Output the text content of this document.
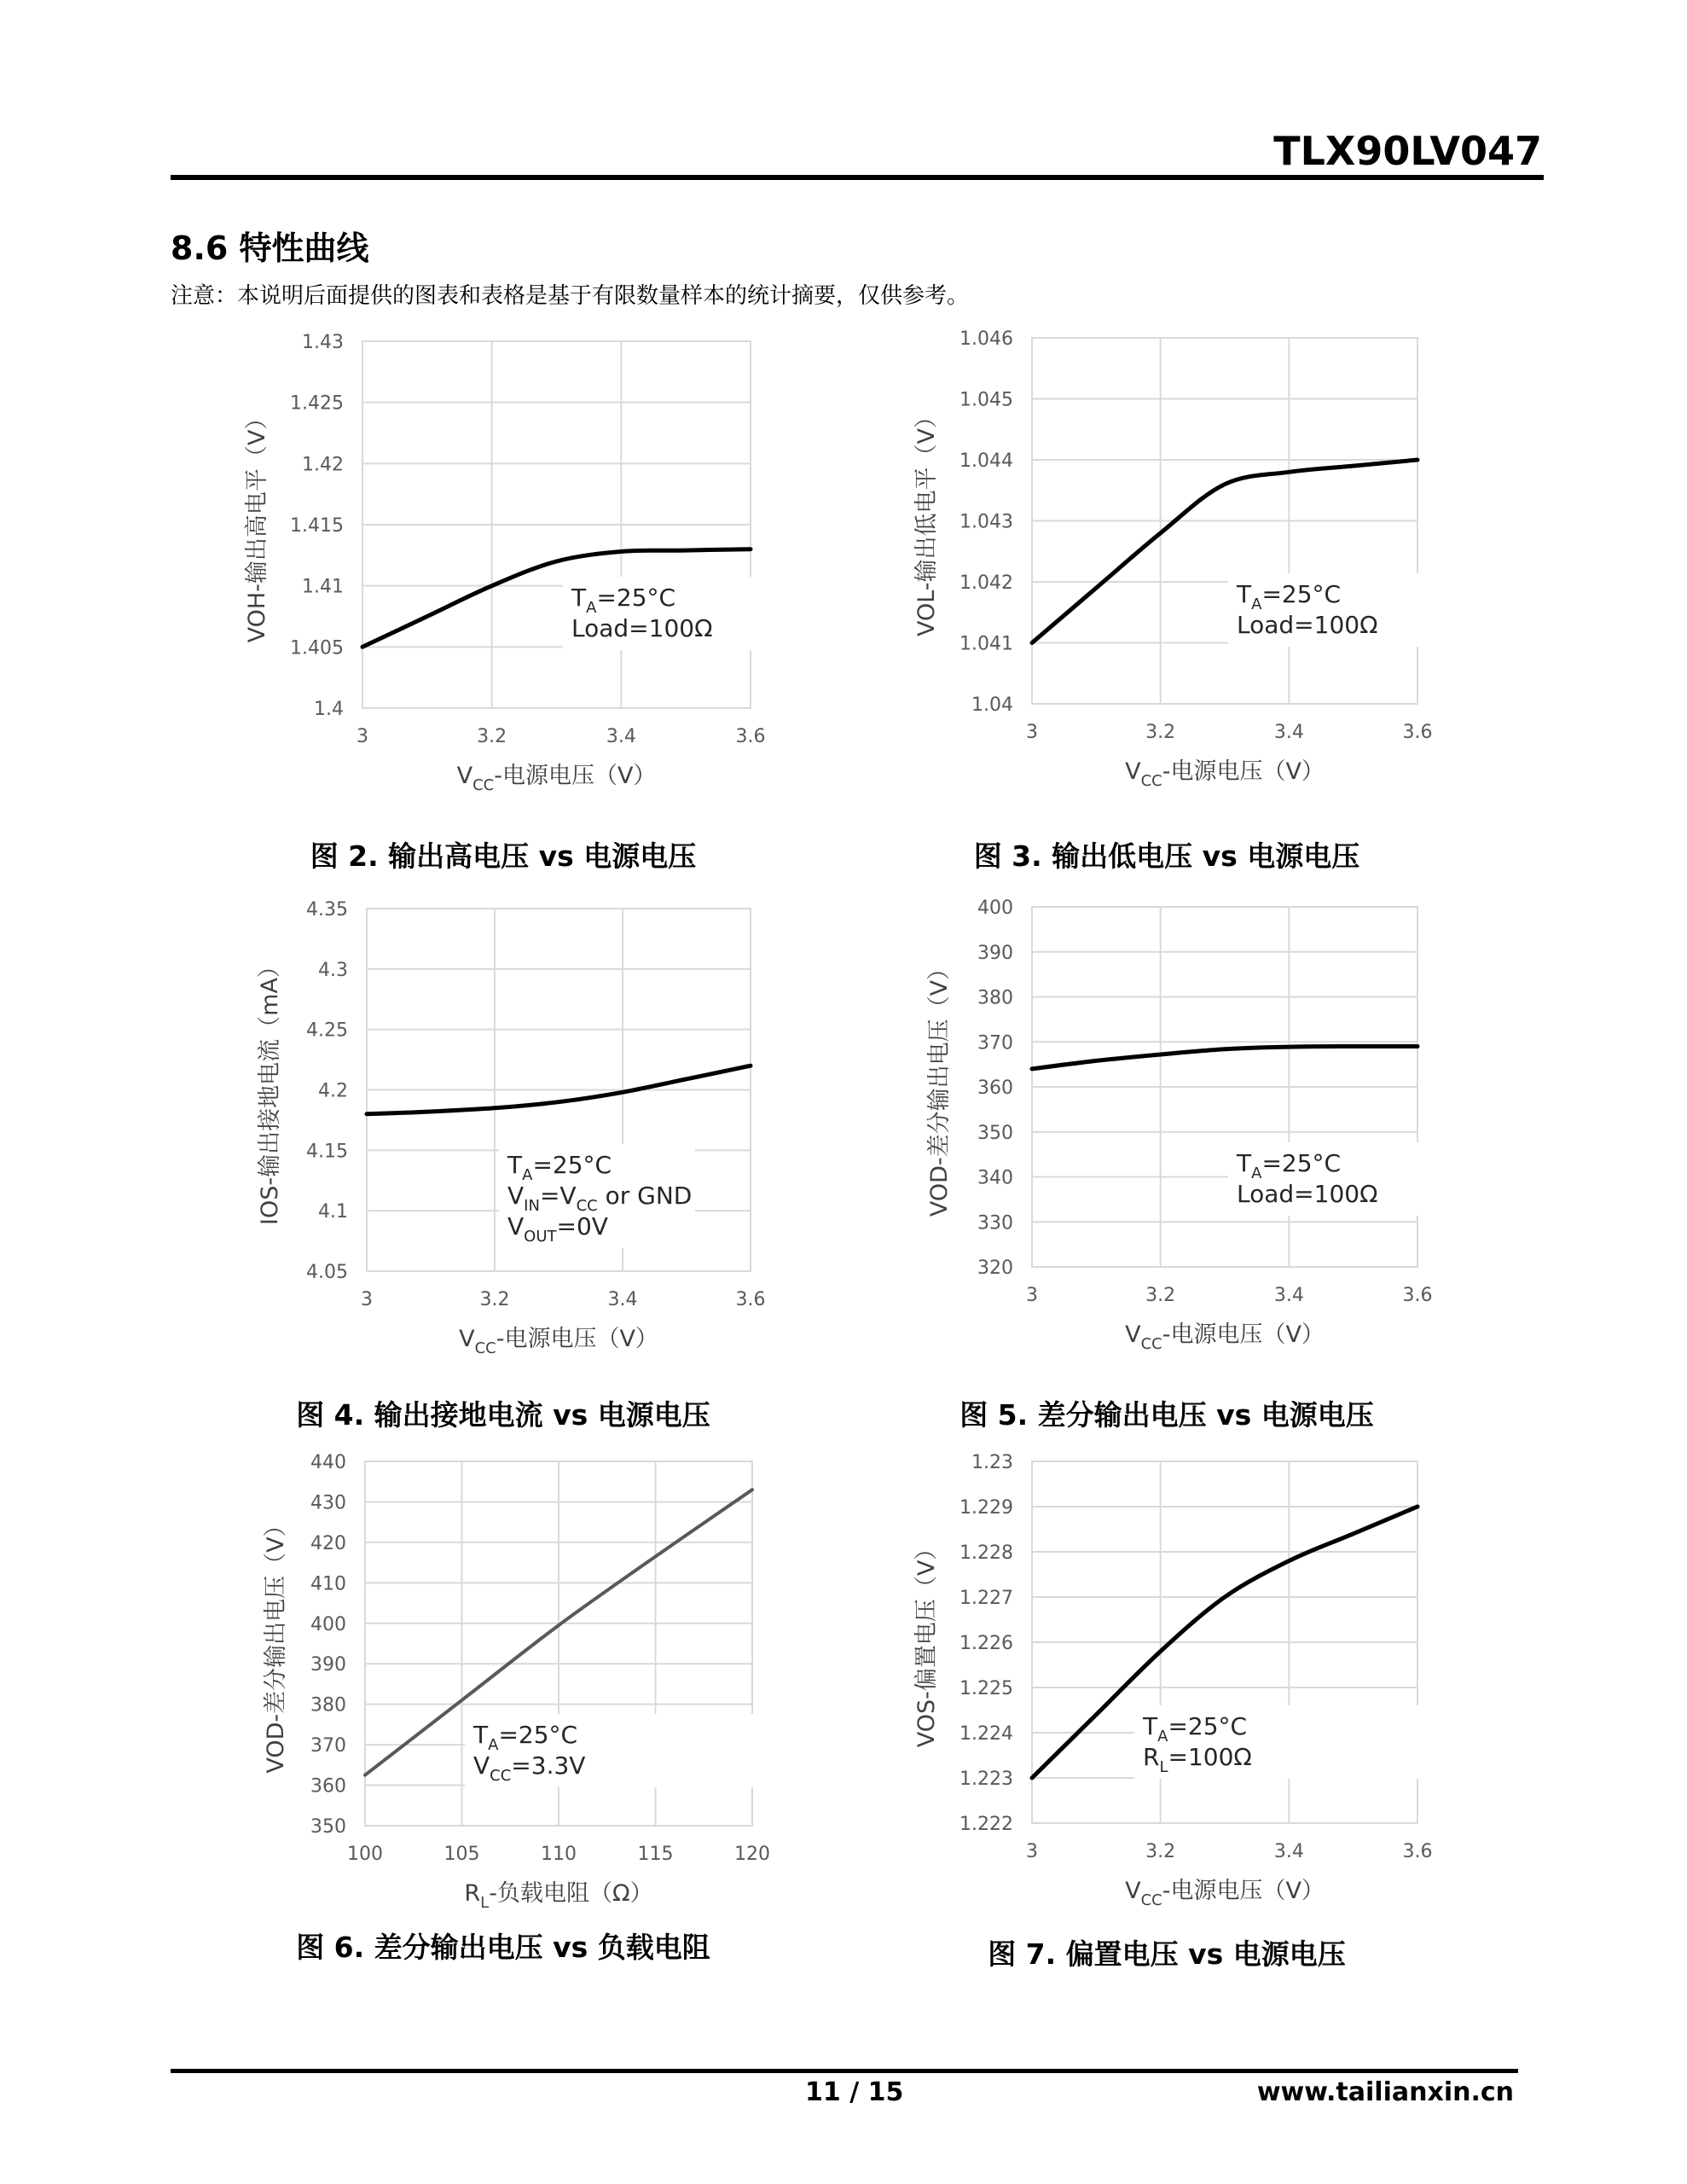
TLX90LV047
8.6 特性曲线
注意：本说明后面提供的图表和表格是基于有限数量样本的统计摘要，仅供参考。
3	3.2	3.4	3.6
1.4
1.405
1.41
1.415
1.42
1.425
1.43
$T_A=25^\circ C$
Load=100Ω
$V_{CC}-$电源电压（V）
VOH-输出高电平（V）
3	3.2	3.4	3.6
1.04
1.041
1.042
1.043
1.044
1.045
1.046
$T_A=25^\circ C$
Load=100Ω
$V_{CC}-$电源电压（V）
VOL-输出低电平（V）
3	3.2	3.4	3.6
4.05
4.1
4.15
4.2
4.25
4.3
4.35
$T_A=25^\circ C$
$V_{IN}=V_{CC}$ or GND
$V_{OUT}=0V$
$V_{CC}-$电源电压（V）
IOS-输出接地电流（mA）
3	3.2	3.4	3.6
320
330
340
350
360
370
380
390
400
$T_A=25^\circ C$
Load=100Ω
$V_{CC}-$电源电压（V）
VOD-差分输出电压（V）
100	105	110	115	120
350
360
370
380
390
400
410
420
430
440
$T_A=25^\circ C$
$V_{CC}=3.3V$
$R_L-$负载电阻（Ω）
VOD-差分输出电压（V）
3	3.2	3.4	3.6
1.222
1.223
1.224
1.225
1.226
1.227
1.228
1.229
1.23
$T_A=25^\circ C$
$R_L=100\Omega$
$V_{CC}-$电源电压（V）
VOS-偏置电压（V）
图 2. 输出高电压 vs 电源电压	图 3. 输出低电压 vs 电源电压
图 4. 输出接地电流 vs 电源电压	图 5. 差分输出电压 vs 电源电压
图 6. 差分输出电压 vs 负载电阻	图 7. 偏置电压 vs 电源电压
11 / 15	www.tailianxin.cn
